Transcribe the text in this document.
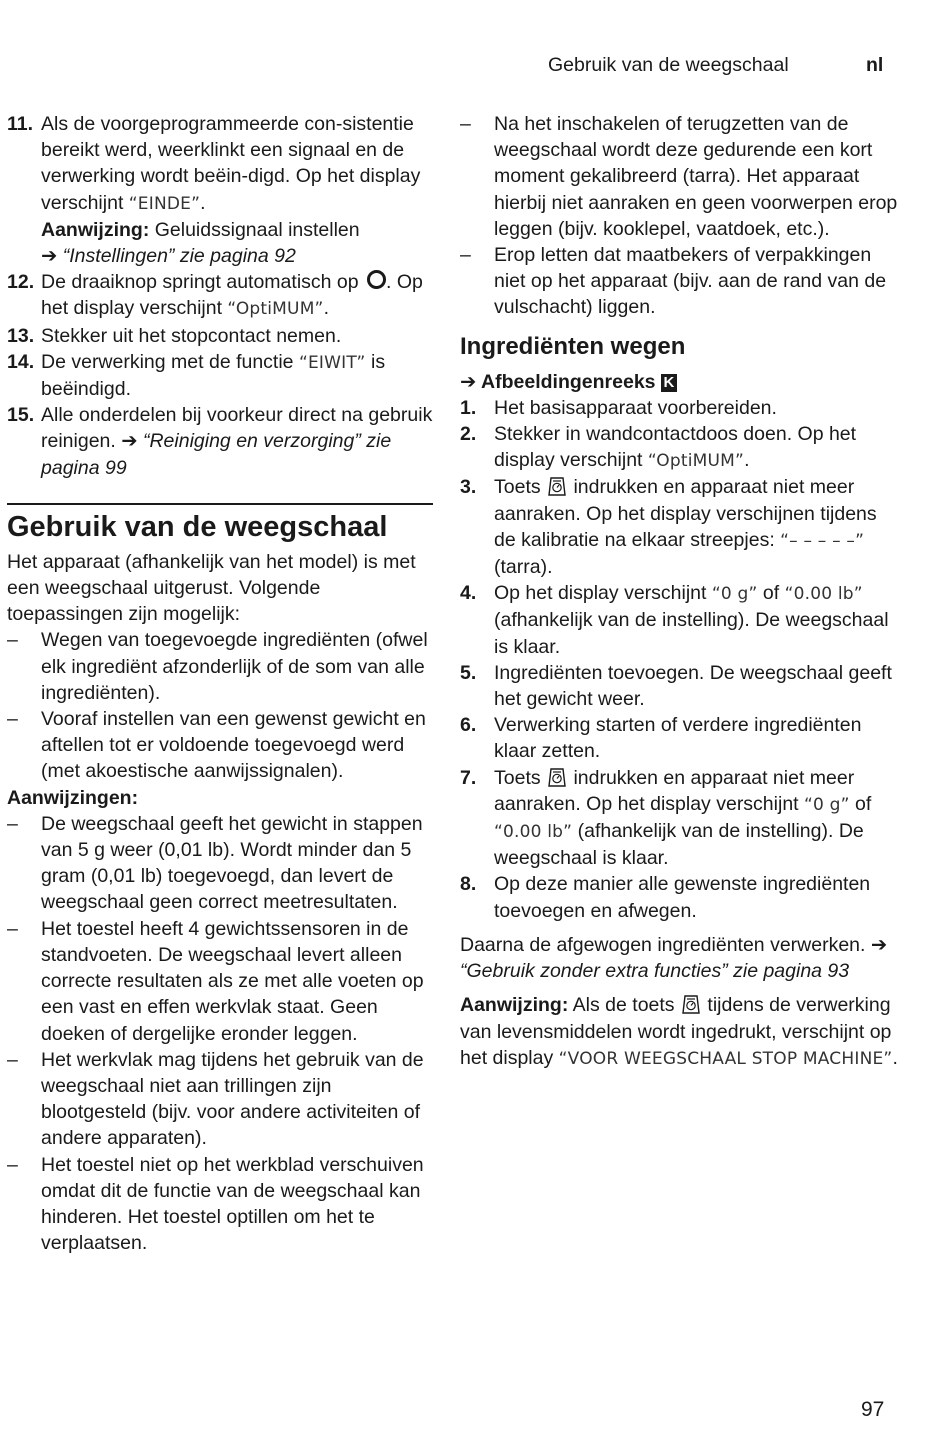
Gebruik van de weegschaal	nl
11. Als de voorgeprogrammeerde con-sistentie bereikt werd, weerklinkt een signaal en de verwerking wordt beëin-digd. Op het display verschijnt “EINDE”.
Aanwijzing: Geluidssignaal instellen
➔ “Instellingen” zie pagina 92
12. De draaiknop springt automatisch op . Op het display verschijnt “OptiMUM”.
13. Stekker uit het stopcontact nemen.
14. De verwerking met de functie “EIWIT” is beëindigd.
15. Alle onderdelen bij voorkeur direct na gebruik reinigen. ➔ “Reiniging en verzorging” zie pagina 99
Gebruik van de weegschaal

Het apparaat (afhankelijk van het model) is met een weegschaal uitgerust. Volgende toepassingen zijn mogelijk:

– Wegen van toegevoegde ingrediënten (ofwel elk ingrediënt afzonderlijk of de som van alle ingrediënten).
– Vooraf instellen van een gewenst gewicht en aftellen tot er voldoende toegevoegd werd (met akoestische aanwijssignalen).
Aanwijzingen:
– De weegschaal geeft het gewicht in stappen van 5 g weer (0,01 lb). Wordt minder dan 5 gram (0,01 lb) toegevoegd, dan levert de weegschaal geen correct meetresultaten.
– Het toestel heeft 4 gewichtssensoren in de standvoeten. De weegschaal levert alleen correcte resultaten als ze met alle voeten op een vast en effen werkvlak staat. Geen doeken of dergelijke eronder leggen.
– Het werkvlak mag tijdens het gebruik van de weegschaal niet aan trillingen zijn blootgesteld (bijv. voor andere activiteiten of andere apparaten).
– Het toestel niet op het werkblad verschuiven omdat dit de functie van de weegschaal kan hinderen. Het toestel optillen om het te verplaatsen.
– Na het inschakelen of terugzetten van de weegschaal wordt deze gedurende een kort moment gekalibreerd (tarra). Het apparaat hierbij niet aanraken en geen voorwerpen erop leggen (bijv. kooklepel, vaatdoek, etc.).
– Erop letten dat maatbekers of verpakkingen niet op het apparaat (bijv. aan de rand van de vulschacht) liggen.
Ingrediënten wegen
➔ Afbeeldingenreeks K
1. Het basisapparaat voorbereiden.
2. Stekker in wandcontactdoos doen. Op het display verschijnt “OptiMUM”.
3. Toets  indrukken en apparaat niet meer aanraken. Op het display verschijnen tijdens de kalibratie na elkaar streepjes: “– – – – –” (tarra).
4. Op het display verschijnt “0 g” of “0.00 lb” (afhankelijk van de instelling). De weegschaal is klaar.
5. Ingrediënten toevoegen. De weegschaal geeft het gewicht weer.
6. Verwerking starten of verdere ingrediënten klaar zetten.
7. Toets  indrukken en apparaat niet meer aanraken. Op het display verschijnt “0 g” of “0.00 lb” (afhankelijk van de instelling). De weegschaal is klaar.
8. Op deze manier alle gewenste ingrediënten toevoegen en afwegen.

Daarna de afgewogen ingrediënten verwerken. ➔ “Gebruik zonder extra functies” zie pagina 93

Aanwijzing: Als de toets  tijdens de verwerking van levensmiddelen wordt ingedrukt, verschijnt op het display “VOOR WEEGSCHAAL STOP MACHINE”.

97
